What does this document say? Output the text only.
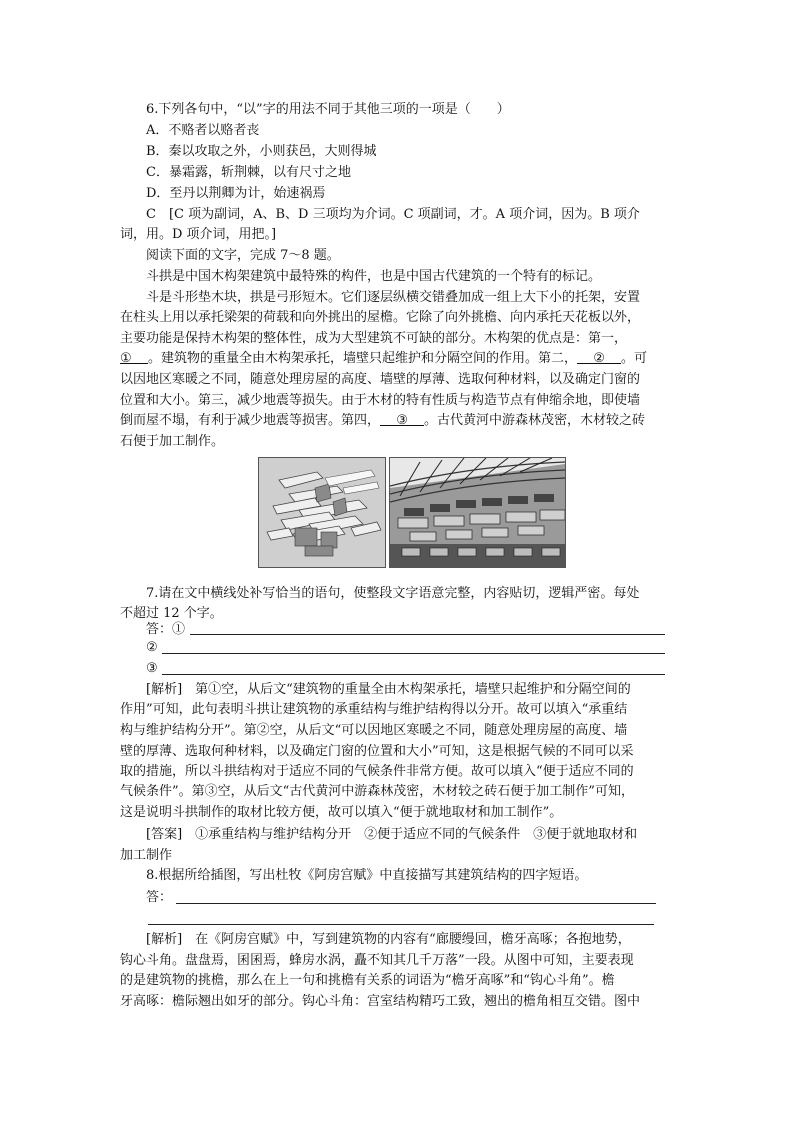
6.下列各句中，“以”字的用法不同于其他三项的一项是（　　）
A．不赂者以赂者丧
B．秦以攻取之外，小则获邑，大则得城
C．暴霜露，斩荆棘，以有尺寸之地
D．至丹以荆卿为计，始速祸焉
C　[C 项为副词，A、B、D 三项均为介词。C 项副词，才。A 项介词，因为。B 项介
词，用。D 项介词，用把。]
阅读下面的文字，完成 7～8 题。
斗拱是中国木构架建筑中最特殊的构件，也是中国古代建筑的一个特有的标记。
斗是斗形垫木块，拱是弓形短木。它们逐层纵横交错叠加成一组上大下小的托架，安置
在柱头上用以承托梁架的荷载和向外挑出的屋檐。它除了向外挑檐、向内承托天花板以外，
主要功能是保持木构架的整体性，成为大型建筑不可缺的部分。木构架的优点是：第一，
① 。建筑物的重量全由木构架承托，墙壁只起维护和分隔空间的作用。第二， ② 。可
以因地区寒暖之不同，随意处理房屋的高度、墙壁的厚薄、选取何种材料，以及确定门窗的
位置和大小。第三，减少地震等损失。由于木材的特有性质与构造节点有伸缩余地，即使墙
倒而屋不塌，有利于减少地震等损害。第四， ③ 。古代黄河中游森林茂密，木材较之砖
石便于加工制作。
7.请在文中横线处补写恰当的语句，使整段文字语意完整，内容贴切，逻辑严密。每处
不超过 12 个字。
答：①
②
③
[解析]　第①空，从后文“建筑物的重量全由木构架承托，墙壁只起维护和分隔空间的
作用”可知，此句表明斗拱让建筑物的承重结构与维护结构得以分开。故可以填入“承重结
构与维护结构分开”。第②空，从后文“可以因地区寒暖之不同，随意处理房屋的高度、墙
壁的厚薄、选取何种材料，以及确定门窗的位置和大小”可知，这是根据气候的不同可以采
取的措施，所以斗拱结构对于适应不同的气候条件非常方便。故可以填入“便于适应不同的
气候条件”。第③空，从后文“古代黄河中游森林茂密，木材较之砖石便于加工制作”可知，
这是说明斗拱制作的取材比较方便，故可以填入“便于就地取材和加工制作”。
[答案]　①承重结构与维护结构分开　②便于适应不同的气候条件　③便于就地取材和
加工制作
8.根据所给插图，写出杜牧《阿房宫赋》中直接描写其建筑结构的四字短语。
答：
[解析]　在《阿房宫赋》中，写到建筑物的内容有“廊腰缦回，檐牙高啄；各抱地势，
钩心斗角。盘盘焉，囷囷焉，蜂房水涡，矗不知其几千万落”一段。从图中可知，主要表现
的是建筑物的挑檐，那么在上一句和挑檐有关系的词语为“檐牙高啄”和“钩心斗角”。檐
牙高啄：檐际翘出如牙的部分。钩心斗角：宫室结构精巧工致，翘出的檐角相互交错。图中
